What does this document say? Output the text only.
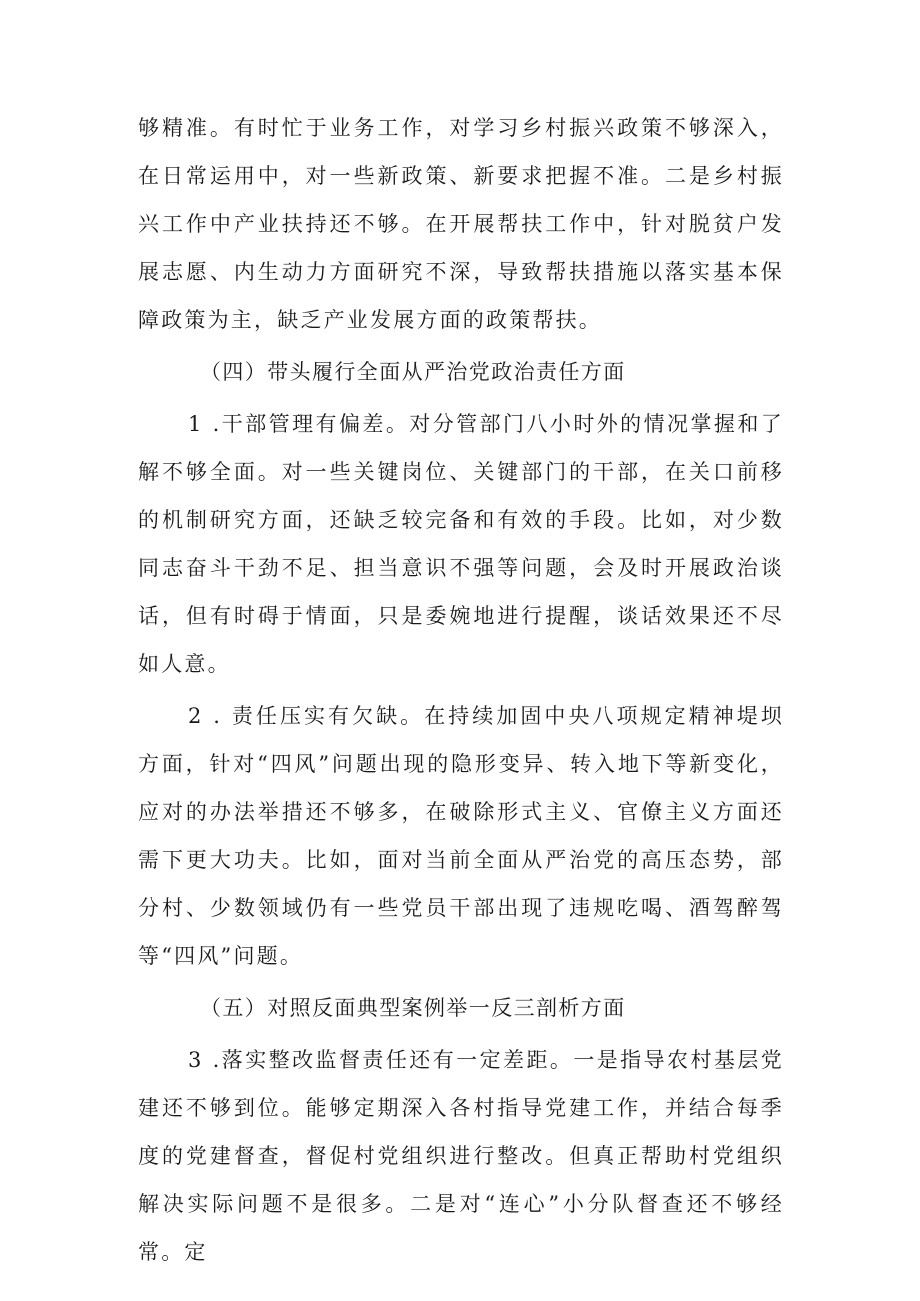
够精准。有时忙于业务工作，对学习乡村振兴政策不够深入，在日常运用中，对一些新政策、新要求把握不准。二是乡村振兴工作中产业扶持还不够。在开展帮扶工作中，针对脱贫户发展志愿、内生动力方面研究不深，导致帮扶措施以落实基本保障政策为主，缺乏产业发展方面的政策帮扶。

（四）带头履行全面从严治党政治责任方面

1 .干部管理有偏差。对分管部门八小时外的情况掌握和了解不够全面。对一些关键岗位、关键部门的干部，在关口前移的机制研究方面，还缺乏较完备和有效的手段。比如，对少数同志奋斗干劲不足、担当意识不强等问题，会及时开展政治谈话，但有时碍于情面，只是委婉地进行提醒，谈话效果还不尽如人意。

2 . 责任压实有欠缺。在持续加固中央八项规定精神堤坝方面，针对“四风”问题出现的隐形变异、转入地下等新变化，应对的办法举措还不够多，在破除形式主义、官僚主义方面还需下更大功夫。比如，面对当前全面从严治党的高压态势，部分村、少数领域仍有一些党员干部出现了违规吃喝、酒驾醉驾等“四风”问题。

（五）对照反面典型案例举一反三剖析方面

3 .落实整改监督责任还有一定差距。一是指导农村基层党建还不够到位。能够定期深入各村指导党建工作，并结合每季度的党建督查，督促村党组织进行整改。但真正帮助村党组织解决实际问题不是很多。二是对“连心”小分队督查还不够经常。定
